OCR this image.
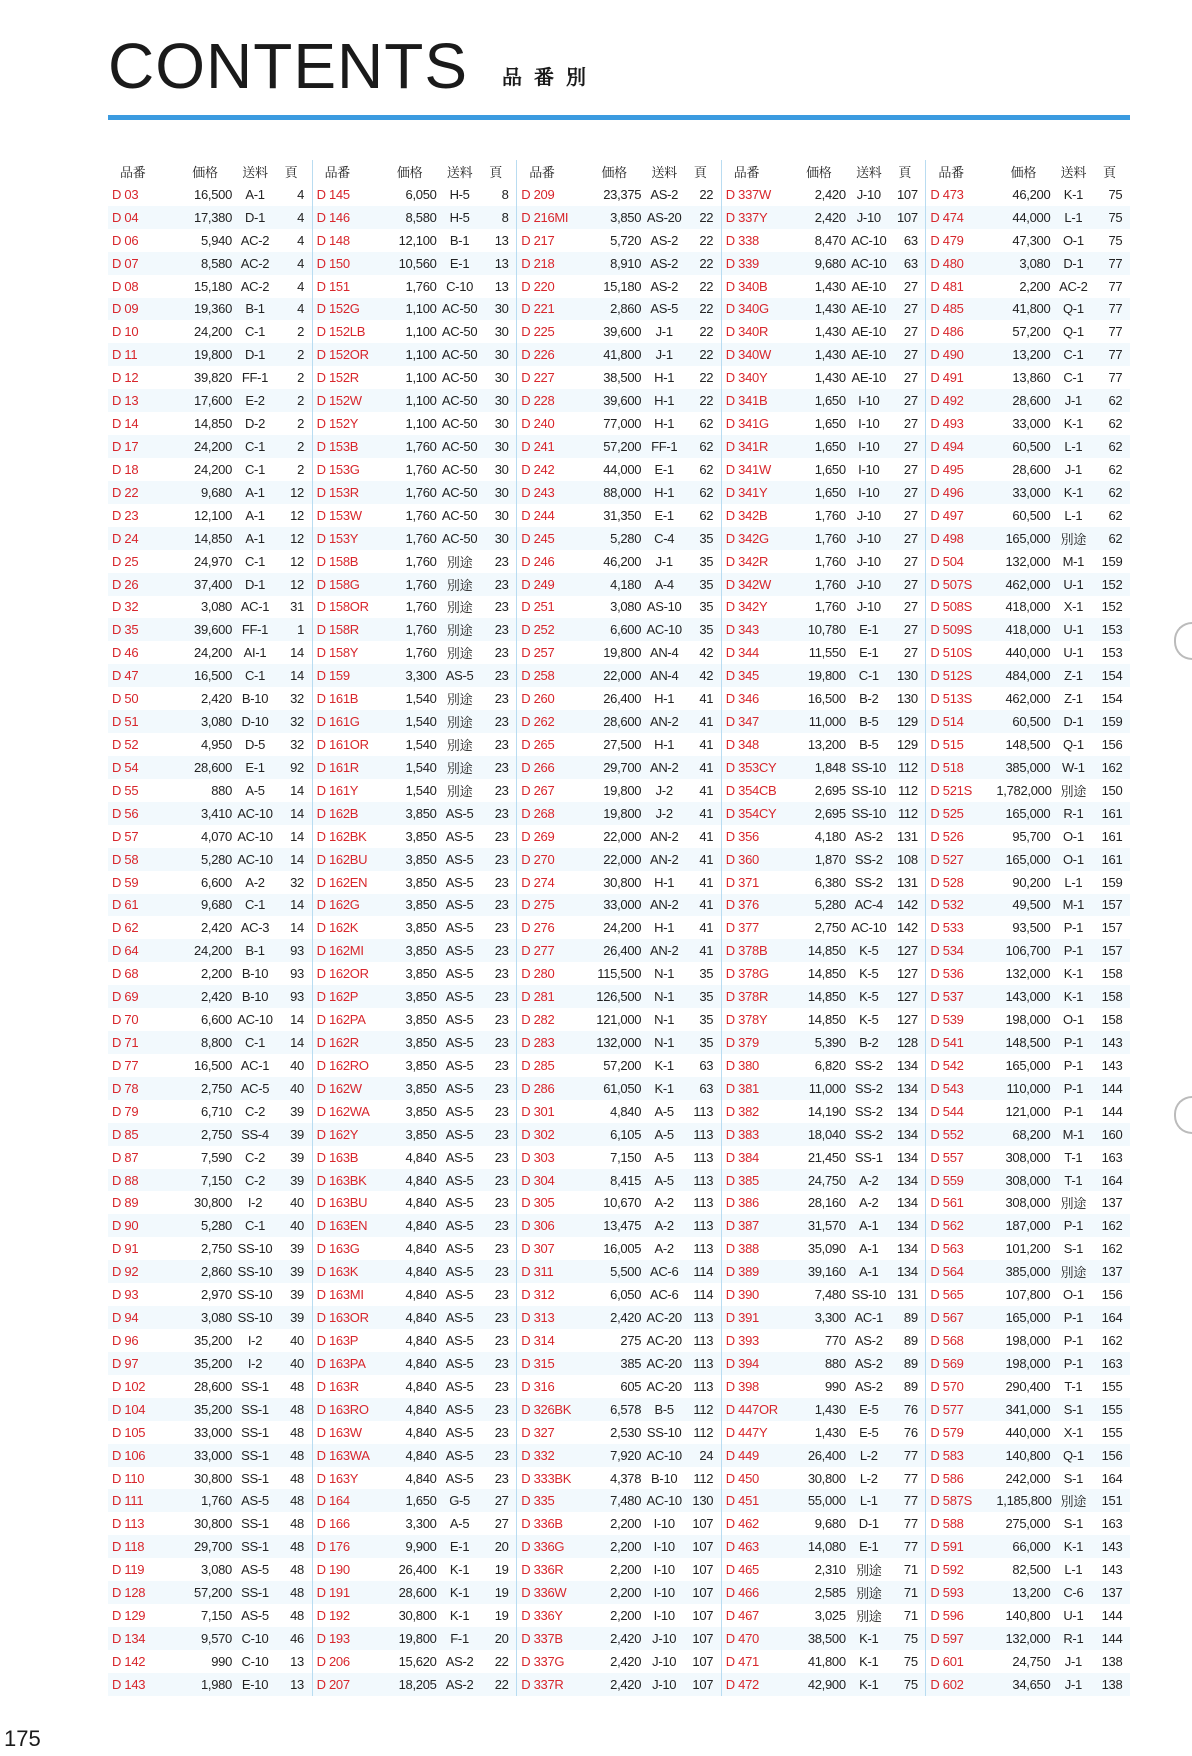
CONTENTS 品番別
品番	価格	送料	頁
D 03	16,500	A-1	4
D 04	17,380 D-1	4
D 06	5,940 AC-2	4
D 07	8,580 AC-2	4
D 08	15,180 AC-2	4
D 09	19,360	B-1	4
D 10	24,200 C-1	2
D 11	19,800 D-1	2
D 12	39,820 FF-1	2
D 13	17,600	E-2	2
D 14	14,850 D-2	2
D 17	24,200 C-1	2
D 18	24,200 C-1	2
D 22	9,680	A-1	12
D 23	12,100	A-1	12
D 24	14,850	A-1	12
D 25	24,970 C-1	12
D 26	37,400 D-1	12
D 32	3,080 AC-1	31
D 35	39,600 FF-1	1
D 46	24,200 AI-1	14
D 47	16,500 C-1	14
D 50	2,420 B-10	32
D 51	3,080 D-10	32
D 52	4,950 D-5	32
D 54	28,600	E-1	92
D 55	880	A-5	14
D 56	3,410 AC-10	14
D 57	4,070 AC-10	14
D 58	5,280 AC-10	14
D 59	6,600	A-2	32
D 61	9,680 C-1	14
D 62	2,420 AC-3	14
D 64	24,200	B-1	93
D 68	2,200 B-10	93
D 69	2,420 B-10	93
D 70	6,600 AC-10	14
D 71	8,800 C-1	14
D 77	16,500 AC-1	40
D 78	2,750 AC-5	40
D 79	6,710 C-2	39
D 85	2,750 SS-4	39
D 87	7,590 C-2	39
D 88	7,150 C-2	39
D 89	30,800	I-2	40
D 90	5,280 C-1	40
D 91	2,750 SS-10	39
D 92	2,860 SS-10	39
D 93	2,970 SS-10	39
D 94	3,080 SS-10	39
D 96	35,200	I-2	40
D 97	35,200	I-2	40
D 102	28,600 SS-1	48
D 104	35,200 SS-1	48
D 105	33,000 SS-1	48
D 106	33,000 SS-1	48
D 110	30,800 SS-1	48
D 111	1,760 AS-5	48
D 113	30,800 SS-1	48
D 118	29,700 SS-1	48
D 119	3,080 AS-5	48
D 128	57,200 SS-1	48
D 129	7,150 AS-5	48
D 134	9,570 C-10	46
D 142	990 C-10	13
D 143	1,980 E-10	13
品番	価格	送料	頁
D 145	6,050 H-5	8
D 146	8,580 H-5	8
D 148	12,100	B-1	13
D 150	10,560	E-1	13
D 151	1,760 C-10	13
D 152G	1,100 AC-50	30
D 152LB	1,100 AC-50	30
D 152OR	1,100 AC-50	30
D 152R	1,100 AC-50	30
D 152W	1,100 AC-50	30
D 152Y	1,100 AC-50	30
D 153B	1,760 AC-50	30
D 153G	1,760 AC-50	30
D 153R	1,760 AC-50	30
D 153W	1,760 AC-50	30
D 153Y	1,760 AC-50	30
D 158B	1,760 別途	23
D 158G	1,760 別途	23
D 158OR	1,760 別途	23
D 158R	1,760 別途	23
D 158Y	1,760 別途	23
D 159	3,300 AS-5	23
D 161B	1,540 別途	23
D 161G	1,540 別途	23
D 161OR	1,540 別途	23
D 161R	1,540 別途	23
D 161Y	1,540 別途	23
D 162B	3,850 AS-5	23
D 162BK	3,850 AS-5	23
D 162BU	3,850 AS-5	23
D 162EN	3,850 AS-5	23
D 162G	3,850 AS-5	23
D 162K	3,850 AS-5	23
D 162MI	3,850 AS-5	23
D 162OR	3,850 AS-5	23
D 162P	3,850 AS-5	23
D 162PA	3,850 AS-5	23
D 162R	3,850 AS-5	23
D 162RO	3,850 AS-5	23
D 162W	3,850 AS-5	23
D 162WA	3,850 AS-5	23
D 162Y	3,850 AS-5	23
D 163B	4,840 AS-5	23
D 163BK	4,840 AS-5	23
D 163BU	4,840 AS-5	23
D 163EN	4,840 AS-5	23
D 163G	4,840 AS-5	23
D 163K	4,840 AS-5	23
D 163MI	4,840 AS-5	23
D 163OR	4,840 AS-5	23
D 163P	4,840 AS-5	23
D 163PA	4,840 AS-5	23
D 163R	4,840 AS-5	23
D 163RO	4,840 AS-5	23
D 163W	4,840 AS-5	23
D 163WA	4,840 AS-5	23
D 163Y	4,840 AS-5	23
D 164	1,650 G-5	27
D 166	3,300	A-5	27
D 176	9,900	E-1	20
D 190	26,400	K-1	19
D 191	28,600	K-1	19
D 192	30,800	K-1	19
D 193	19,800	F-1	20
D 206	15,620 AS-2	22
D 207	18,205 AS-2	22
品番	価格	送料	頁
D 209	23,375 AS-2	22
D 216MI	3,850 AS-20	22
D 217	5,720 AS-2	22
D 218	8,910 AS-2	22
D 220	15,180 AS-2	22
D 221	2,860 AS-5	22
D 225	39,600	J-1	22
D 226	41,800	J-1	22
D 227	38,500 H-1	22
D 228	39,600 H-1	22
D 240	77,000 H-1	62
D 241	57,200 FF-1	62
D 242	44,000	E-1	62
D 243	88,000 H-1	62
D 244	31,350	E-1	62
D 245	5,280 C-4	35
D 246	46,200	J-1	35
D 249	4,180	A-4	35
D 251	3,080 AS-10	35
D 252	6,600 AC-10	35
D 257	19,800 AN-4	42
D 258	22,000 AN-4	42
D 260	26,400 H-1	41
D 262	28,600 AN-2	41
D 265	27,500 H-1	41
D 266	29,700 AN-2	41
D 267	19,800	J-2	41
D 268	19,800	J-2	41
D 269	22,000 AN-2	41
D 270	22,000 AN-2	41
D 274	30,800 H-1	41
D 275	33,000 AN-2	41
D 276	24,200 H-1	41
D 277	26,400 AN-2	41
D 280	115,500 N-1	35
D 281	126,500 N-1	35
D 282	121,000 N-1	35
D 283	132,000 N-1	35
D 285	57,200	K-1	63
D 286	61,050	K-1	63
D 301	4,840	A-5	113
D 302	6,105	A-5	113
D 303	7,150	A-5	113
D 304	8,415	A-5	113
D 305	10,670	A-2	113
D 306	13,475	A-2	113
D 307	16,005	A-2	113
D 311	5,500 AC-6	114
D 312	6,050 AC-6	114
D 313	2,420 AC-20 113
D 314	275 AC-20 113
D 315	385 AC-20 113
D 316	605 AC-20 113
D 326BK	6,578	B-5	112
D 327	2,530 SS-10 112
D 332	7,920 AC-10	24
D 333BK	4,378 B-10	112
D 335	7,480 AC-10 130
D 336B	2,200 I-10	107
D 336G	2,200 I-10	107
D 336R	2,200 I-10	107
D 336W	2,200 I-10	107
D 336Y	2,200 I-10	107
D 337B	2,420 J-10	107
D 337G	2,420 J-10	107
D 337R	2,420 J-10	107
品番	価格	送料	頁
D 337W	2,420 J-10	107
D 337Y	2,420 J-10	107
D 338	8,470 AC-10	63
D 339	9,680 AC-10	63
D 340B	1,430 AE-10	27
D 340G	1,430 AE-10	27
D 340R	1,430 AE-10	27
D 340W	1,430 AE-10	27
D 340Y	1,430 AE-10	27
D 341B	1,650 I-10	27
D 341G	1,650 I-10	27
D 341R	1,650 I-10	27
D 341W	1,650 I-10	27
D 341Y	1,650 I-10	27
D 342B	1,760 J-10	27
D 342G	1,760 J-10	27
D 342R	1,760 J-10	27
D 342W	1,760 J-10	27
D 342Y	1,760 J-10	27
D 343	10,780	E-1	27
D 344	11,550	E-1	27
D 345	19,800 C-1	130
D 346	16,500	B-2	130
D 347	11,000	B-5	129
D 348	13,200	B-5	129
D 353CY	1,848 SS-10 112
D 354CB	2,695 SS-10 112
D 354CY	2,695 SS-10 112
D 356	4,180 AS-2	131
D 360	1,870 SS-2	108
D 371	6,380 SS-2	131
D 376	5,280 AC-4	142
D 377	2,750 AC-10 142
D 378B	14,850	K-5	127
D 378G	14,850	K-5	127
D 378R	14,850	K-5	127
D 378Y	14,850	K-5	127
D 379	5,390	B-2	128
D 380	6,820 SS-2	134
D 381	11,000 SS-2	134
D 382	14,190 SS-2	134
D 383	18,040 SS-2	134
D 384	21,450 SS-1	134
D 385	24,750	A-2	134
D 386	28,160	A-2	134
D 387	31,570	A-1	134
D 388	35,090	A-1	134
D 389	39,160	A-1	134
D 390	7,480 SS-10 131
D 391	3,300 AC-1	89
D 393	770 AS-2	89
D 394	880 AS-2	89
D 398	990 AS-2	89
D 447OR	1,430	E-5	76
D 447Y	1,430	E-5	76
D 449	26,400	L-2	77
D 450	30,800	L-2	77
D 451	55,000	L-1	77
D 462	9,680 D-1	77
D 463	14,080	E-1	77
D 465	2,310 別途	71
D 466	2,585 別途	71
D 467	3,025 別途	71
D 470	38,500	K-1	75
D 471	41,800	K-1	75
D 472	42,900	K-1	75
品番	価格	送料	頁
D 473	46,200	K-1	75
D 474	44,000	L-1	75
D 479	47,300 O-1	75
D 480	3,080 D-1	77
D 481	2,200 AC-2	77
D 485	41,800 Q-1	77
D 486	57,200 Q-1	77
D 490	13,200 C-1	77
D 491	13,860 C-1	77
D 492	28,600	J-1	62
D 493	33,000	K-1	62
D 494	60,500	L-1	62
D 495	28,600	J-1	62
D 496	33,000	K-1	62
D 497	60,500	L-1	62
D 498	165,000 別途	62
D 504	132,000 M-1	159
D 507S	462,000 U-1	152
D 508S	418,000	X-1	152
D 509S	418,000 U-1	153
D 510S	440,000 U-1	153
D 512S	484,000	Z-1	154
D 513S	462,000	Z-1	154
D 514	60,500 D-1	159
D 515	148,500 Q-1	156
D 518	385,000 W-1	162
D 521S	1,782,000 別途	150
D 525	165,000 R-1	161
D 526	95,700 O-1	161
D 527	165,000 O-1	161
D 528	90,200	L-1	159
D 532	49,500 M-1	157
D 533	93,500	P-1	157
D 534	106,700	P-1	157
D 536	132,000	K-1	158
D 537	143,000	K-1	158
D 539	198,000 O-1	158
D 541	148,500	P-1	143
D 542	165,000	P-1	143
D 543	110,000	P-1	144
D 544	121,000	P-1	144
D 552	68,200 M-1	160
D 557	308,000	T-1	163
D 559	308,000	T-1	164
D 561	308,000 別途	137
D 562	187,000	P-1	162
D 563	101,200	S-1	162
D 564	385,000 別途	137
D 565	107,800 O-1	156
D 567	165,000	P-1	164
D 568	198,000	P-1	162
D 569	198,000	P-1	163
D 570	290,400	T-1	155
D 577	341,000	S-1	155
D 579	440,000	X-1	155
D 583	140,800 Q-1	156
D 586	242,000	S-1	164
D 587S	1,185,800 別途	151
D 588	275,000	S-1	163
D 591	66,000	K-1	143
D 592	82,500	L-1	143
D 593	13,200 C-6	137
D 596	140,800 U-1	144
D 597	132,000 R-1	144
D 601	24,750	J-1	138
D 602	34,650	J-1	138
175
